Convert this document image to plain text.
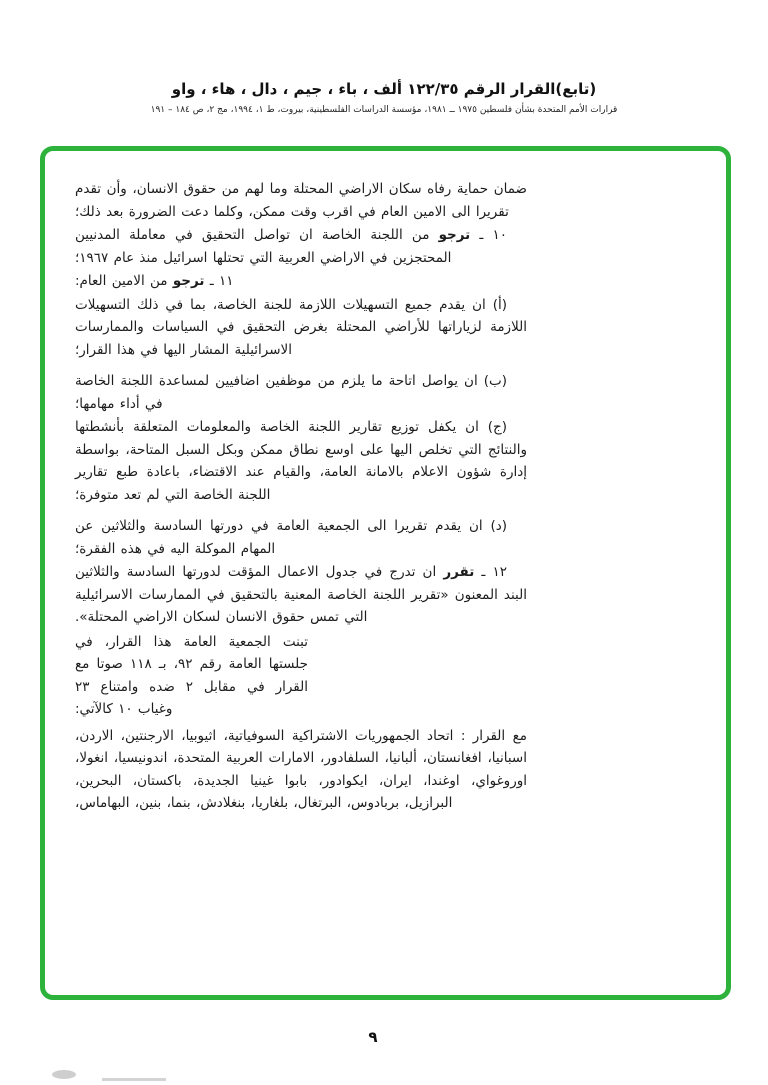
(تابع)القرار الرقم ١٢٢/٣٥ ألف ، باء ، جيم ، دال ، هاء ، واو
قرارات الأمم المتحدة بشأن فلسطين ١٩٧٥ ــ ١٩٨١، مؤسسة الدراسات الفلسطينية، بيروت، ط ١، ١٩٩٤، مج ٢، ص ١٨٤ – ١٩١

ضمان حماية رفاه سكان الاراضي المحتلة وما لهم من حقوق الانسان، وأن تقدم تقريرا الى الامين العام في اقرب وقت ممكن، وكلما دعت الضرورة بعد ذلك؛

١٠ ـ ترجو من اللجنة الخاصة ان تواصل التحقيق في معاملة المدنيين المحتجزين في الاراضي العربية التي تحتلها اسرائيل منذ عام ١٩٦٧؛

١١ ـ ترجو من الامين العام:

(أ) ان يقدم جميع التسهيلات اللازمة للجنة الخاصة، بما في ذلك التسهيلات اللازمة لزياراتها للأراضي المحتلة بغرض التحقيق في السياسات والممارسات الاسرائيلية المشار اليها في هذا القرار؛

(ب) ان يواصل اتاحة ما يلزم من موظفين اضافيين لمساعدة اللجنة الخاصة في أداء مهامها؛

(ج) ان يكفل توزيع تقارير اللجنة الخاصة والمعلومات المتعلقة بأنشطتها والنتائج التي تخلص اليها على اوسع نطاق ممكن وبكل السبل المتاحة، بواسطة إدارة شؤون الاعلام بالامانة العامة، والقيام عند الاقتضاء، باعادة طبع تقارير اللجنة الخاصة التي لم تعد متوفرة؛

(د) ان يقدم تقريرا الى الجمعية العامة في دورتها السادسة والثلاثين عن المهام الموكلة اليه في هذه الفقرة؛

١٢ ـ تقرر ان تدرج في جدول الاعمال المؤقت لدورتها السادسة والثلاثين البند المعنون «تقرير اللجنة الخاصة المعنية بالتحقيق في الممارسات الاسرائيلية التي تمس حقوق الانسان لسكان الاراضي المحتلة».

تبنت الجمعية العامة هذا القرار، في جلستها العامة رقم ٩٢، بـ ١١٨ صوتا مع القرار في مقابل ٢ ضده وامتناع ٢٣ وغياب ١٠ كالآتي:

مع القرار : اتحاد الجمهوريات الاشتراكية السوفياتية، اثيوبيا، الارجنتين، الاردن، اسبانيا، افغانستان، ألبانيا، السلفادور، الامارات العربية المتحدة، اندونيسيا، انغولا، اوروغواي، اوغندا، ايران، ايكوادور، بابوا غينيا الجديدة، باكستان، البحرين، البرازيل، بربادوس، البرتغال، بلغاريا، بنغلادش، بنما، بنين، البهاماس،

٩
